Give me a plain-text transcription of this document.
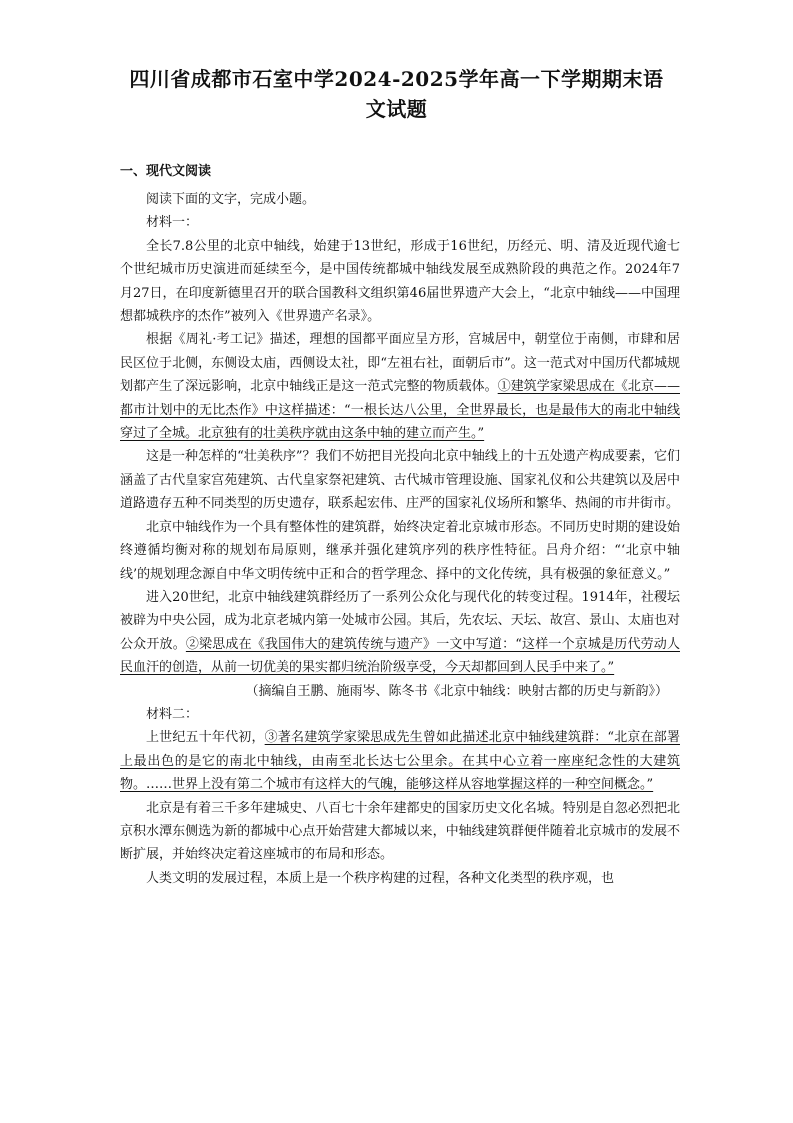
四川省成都市石室中学2024-2025学年高一下学期期末语
文试题
一、现代文阅读

阅读下面的文字，完成小题。

材料一：

全长7.8公里的北京中轴线，始建于13世纪，形成于16世纪，历经元、明、清及近现代逾七个世纪城市历史演进而延续至今，是中国传统都城中轴线发展至成熟阶段的典范之作。2024年7月27日，在印度新德里召开的联合国教科文组织第46届世界遗产大会上，“北京中轴线——中国理想都城秩序的杰作”被列入《世界遗产名录》。

根据《周礼·考工记》描述，理想的国都平面应呈方形，宫城居中，朝堂位于南侧，市肆和居民区位于北侧，东侧设太庙，西侧设太社，即“左祖右社，面朝后市”。这一范式对中国历代都城规划都产生了深远影响，北京中轴线正是这一范式完整的物质载体。①建筑学家梁思成在《北京——都市计划中的无比杰作》中这样描述：“一根长达八公里，全世界最长，也是最伟大的南北中轴线穿过了全城。北京独有的壮美秩序就由这条中轴的建立而产生。”

这是一种怎样的“壮美秩序”？我们不妨把目光投向北京中轴线上的十五处遗产构成要素，它们涵盖了古代皇家宫苑建筑、古代皇家祭祀建筑、古代城市管理设施、国家礼仪和公共建筑以及居中道路遗存五种不同类型的历史遗存，联系起宏伟、庄严的国家礼仪场所和繁华、热闹的市井街市。

北京中轴线作为一个具有整体性的建筑群，始终决定着北京城市形态。不同历史时期的建设始终遵循均衡对称的规划布局原则，继承并强化建筑序列的秩序性特征。吕舟介绍：“‘北京中轴线’的规划理念源自中华文明传统中正和合的哲学理念、择中的文化传统，具有极强的象征意义。”

进入20世纪，北京中轴线建筑群经历了一系列公众化与现代化的转变过程。1914年，社稷坛被辟为中央公园，成为北京老城内第一处城市公园。其后，先农坛、天坛、故宫、景山、太庙也对公众开放。②梁思成在《我国伟大的建筑传统与遗产》一文中写道：“这样一个京城是历代劳动人民血汗的创造，从前一切优美的果实都归统治阶级享受，今天却都回到人民手中来了。”

（摘编自王鹏、施雨岑、陈冬书《北京中轴线：映射古都的历史与新韵》）

材料二：

上世纪五十年代初，③著名建筑学家梁思成先生曾如此描述北京中轴线建筑群：“北京在部署上最出色的是它的南北中轴线，由南至北长达七公里余。在其中心立着一座座纪念性的大建筑物。……世界上没有第二个城市有这样大的气魄，能够这样从容地掌握这样的一种空间概念。”

北京是有着三千多年建城史、八百七十余年建都史的国家历史文化名城。特别是自忽必烈把北京积水潭东侧选为新的都城中心点开始营建大都城以来，中轴线建筑群便伴随着北京城市的发展不断扩展，并始终决定着这座城市的布局和形态。

人类文明的发展过程，本质上是一个秩序构建的过程，各种文化类型的秩序观，也
